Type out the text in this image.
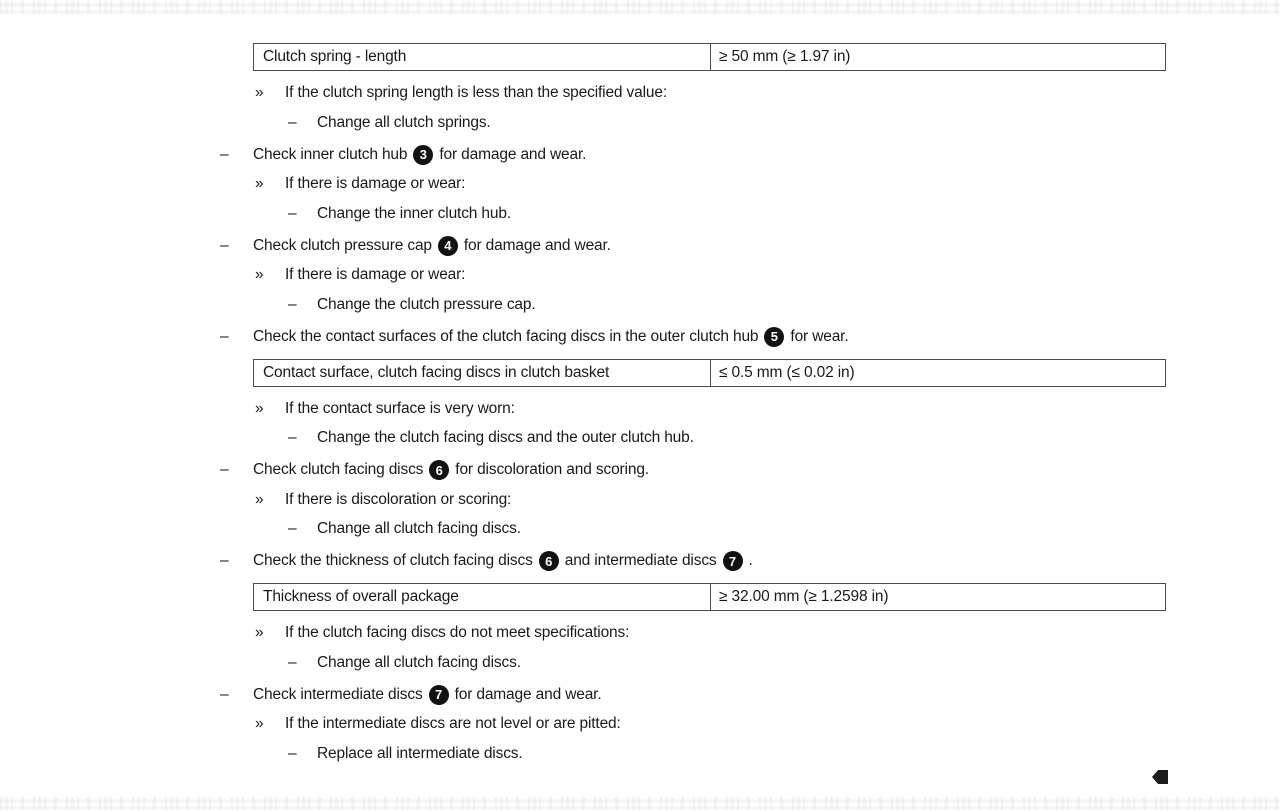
Clutch spring - length	≥ 50 mm (≥ 1.97 in)
»	If the clutch spring length is less than the specified value:
–	Change all clutch springs.
–	Check inner clutch hub 3 for damage and wear.
»	If there is damage or wear:
–	Change the inner clutch hub.
–	Check clutch pressure cap 4 for damage and wear.
»	If there is damage or wear:
–	Change the clutch pressure cap.
–	Check the contact surfaces of the clutch facing discs in the outer clutch hub 5 for wear.
Contact surface, clutch facing discs in clutch basket	≤ 0.5 mm (≤ 0.02 in)
»	If the contact surface is very worn:
–	Change the clutch facing discs and the outer clutch hub.
–	Check clutch facing discs 6 for discoloration and scoring.
»	If there is discoloration or scoring:
–	Change all clutch facing discs.
–	Check the thickness of clutch facing discs 6 and intermediate discs 7 .
Thickness of overall package	≥ 32.00 mm (≥ 1.2598 in)
»	If the clutch facing discs do not meet specifications:
–	Change all clutch facing discs.
–	Check intermediate discs 7 for damage and wear.
»	If the intermediate discs are not level or are pitted:
–	Replace all intermediate discs.
